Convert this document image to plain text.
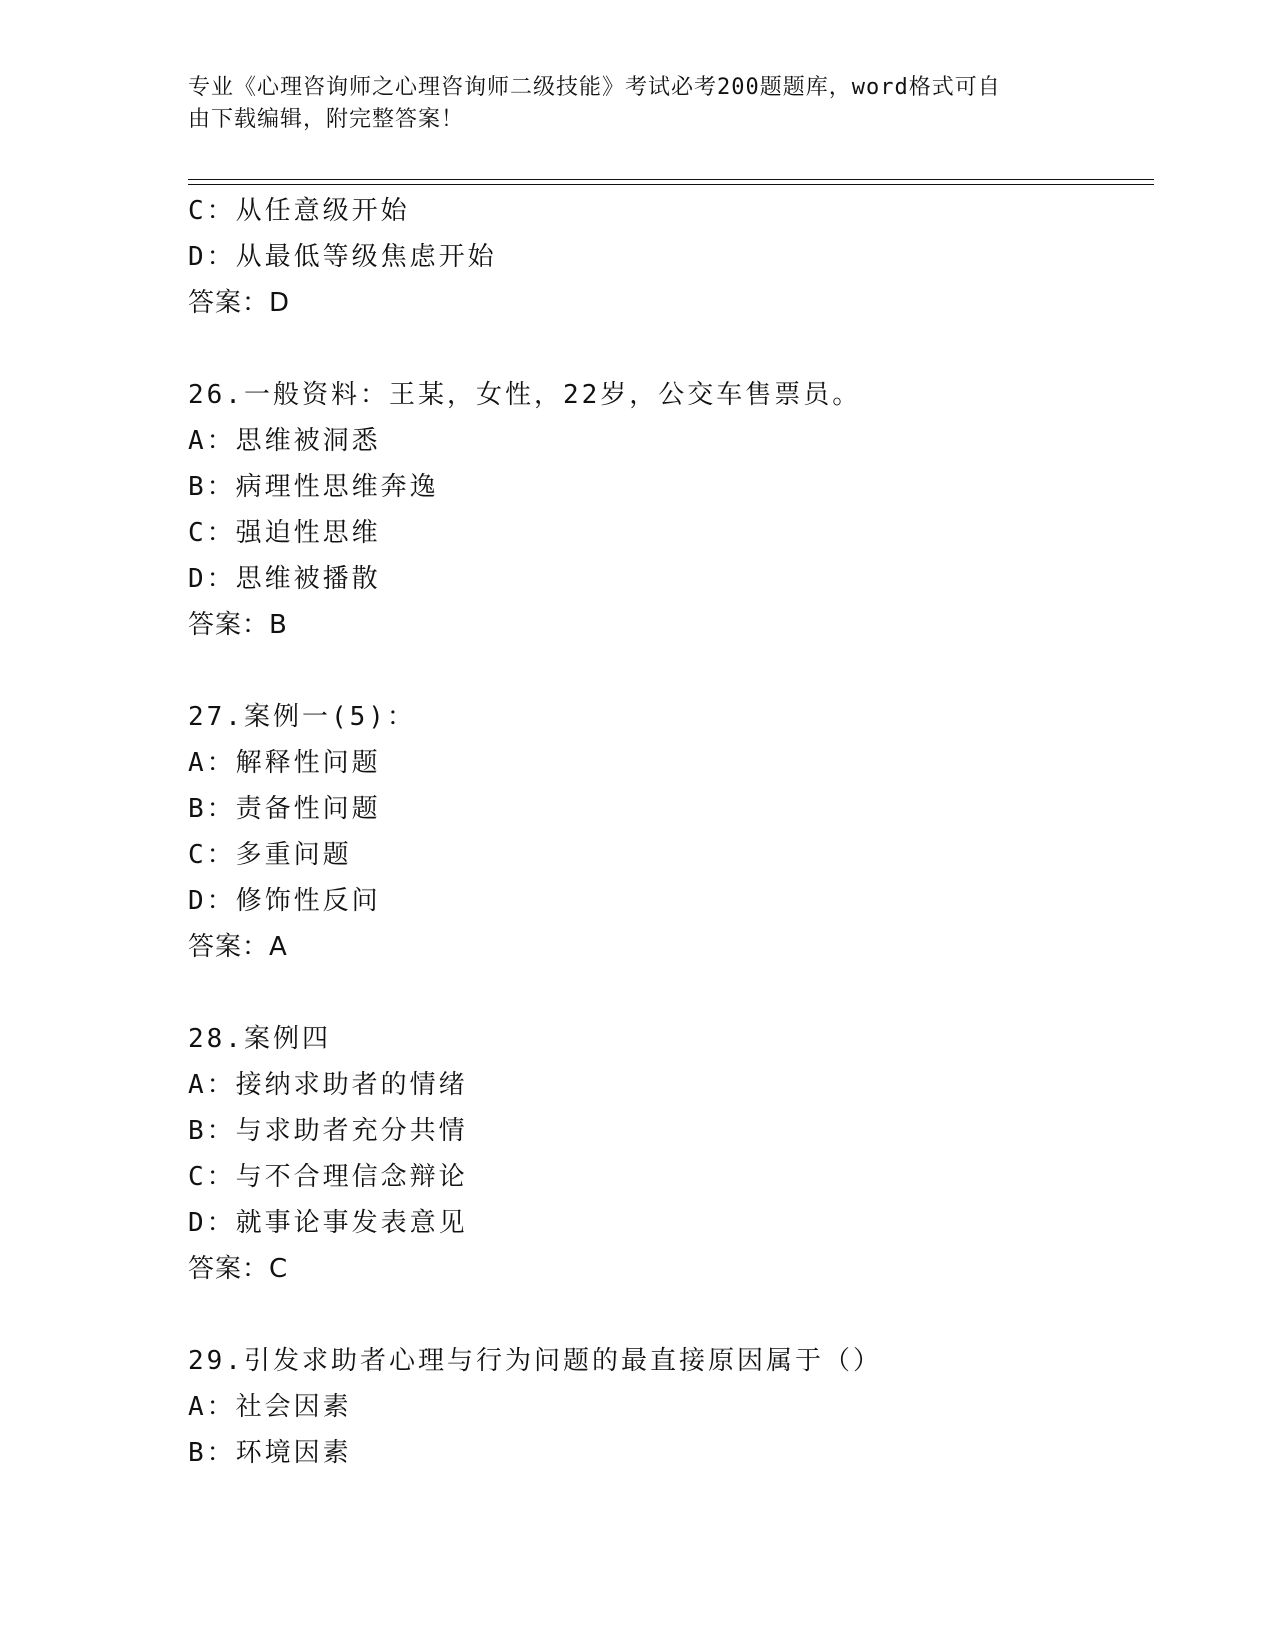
专业《心理咨询师之心理咨询师二级技能》考试必考200题题库，word格式可自
由下载编辑，附完整答案！
C：从任意级开始
D：从最低等级焦虑开始
答案：D
26.一般资料：王某，女性，22岁，公交车售票员。
A：思维被洞悉
B：病理性思维奔逸
C：强迫性思维
D：思维被播散
答案：B
27.案例一(5)：
A：解释性问题
B：责备性问题
C：多重问题
D：修饰性反问
答案：A
28.案例四
A：接纳求助者的情绪
B：与求助者充分共情
C：与不合理信念辩论
D：就事论事发表意见
答案：C
29.引发求助者心理与行为问题的最直接原因属于（）
A：社会因素
B：环境因素
